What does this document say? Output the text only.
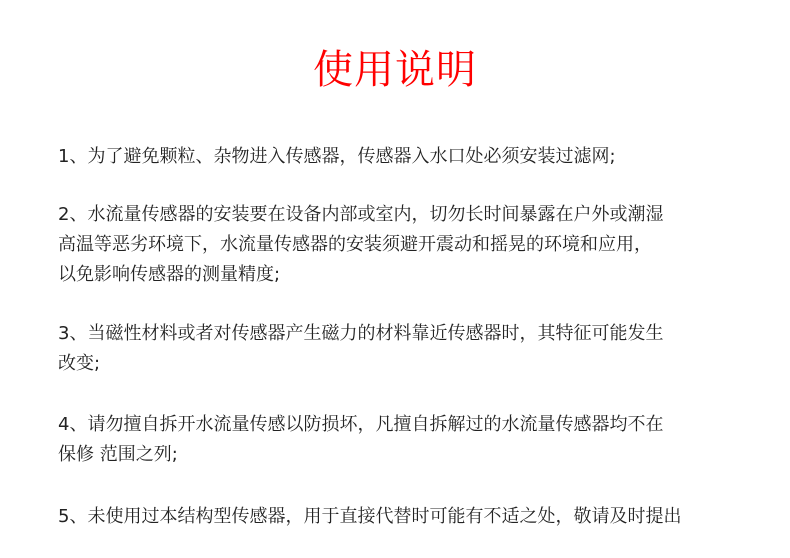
使用说明
1、为了避免颗粒、杂物进入传感器，传感器入水口处必须安装过滤网;
2、水流量传感器的安装要在设备内部或室内，切勿长时间暴露在户外或潮湿
高温等恶劣环境下，水流量传感器的安装须避开震动和摇晃的环境和应用，
以免影响传感器的测量精度;
3、当磁性材料或者对传感器产生磁力的材料靠近传感器时，其特征可能发生
改变;
4、请勿擅自拆开水流量传感以防损坏，凡擅自拆解过的水流量传感器均不在
保修 范围之列;
5、未使用过本结构型传感器，用于直接代替时可能有不适之处，敬请及时提出
